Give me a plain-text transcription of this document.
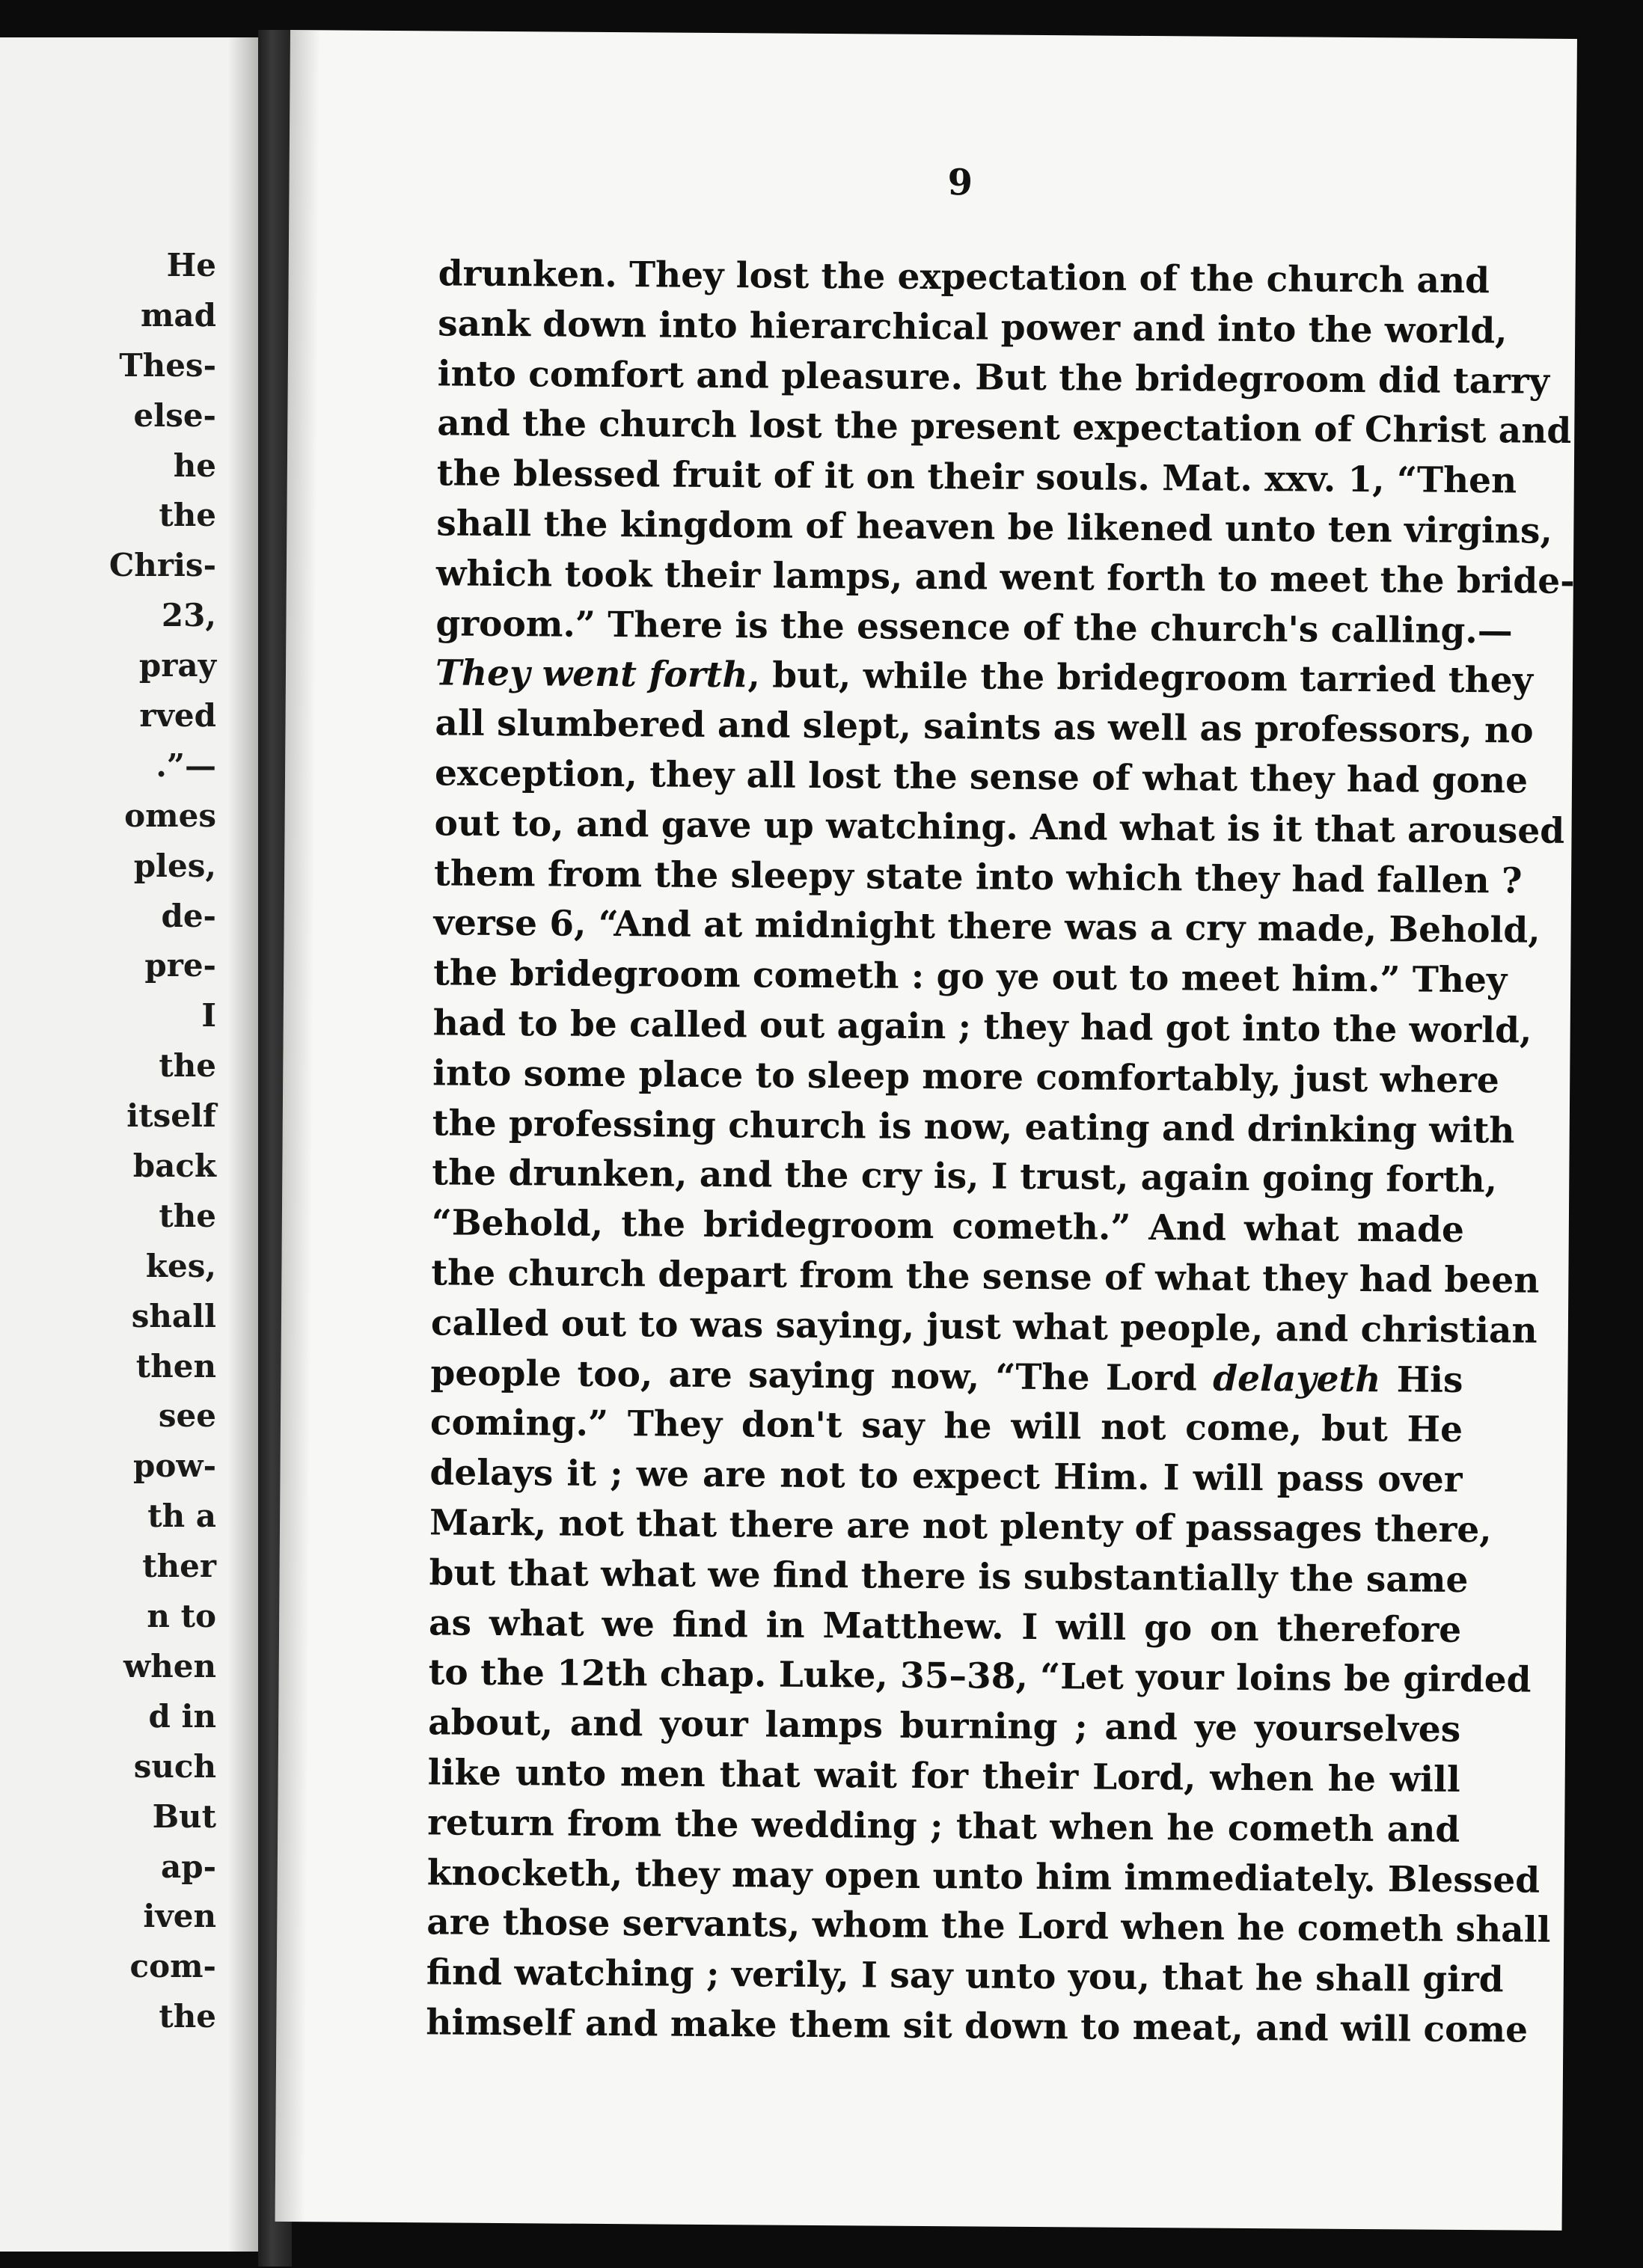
He
mad
Thes-
else-
he
the
Chris-
23,
pray
rved
.”—
omes
ples,
de-
pre-
I
the
itself
back
the
kes,
shall
then
see
pow-
th a
ther
n to
when
d in
such
But
ap-
iven
com-
the
9
drunken. They lost the expectation of the church and
sank down into hierarchical power and into the world,
into comfort and pleasure. But the bridegroom did tarry
and the church lost the present expectation of Christ and
the blessed fruit of it on their souls. Mat. xxv. 1, “Then
shall the kingdom of heaven be likened unto ten virgins,
which took their lamps, and went forth to meet the bride-
groom.” There is the essence of the church's calling.—
They went forth, but, while the bridegroom tarried they
all slumbered and slept, saints as well as professors, no
exception, they all lost the sense of what they had gone
out to, and gave up watching. And what is it that aroused
them from the sleepy state into which they had fallen ?
verse 6, “And at midnight there was a cry made, Behold,
the bridegroom cometh : go ye out to meet him.” They
had to be called out again ; they had got into the world,
into some place to sleep more comfortably, just where
the professing church is now, eating and drinking with
the drunken, and the cry is, I trust, again going forth,
“Behold, the bridegroom cometh.” And what made
the church depart from the sense of what they had been
called out to was saying, just what people, and christian
people too, are saying now, “The Lord delayeth His
coming.” They don't say he will not come, but He
delays it ; we are not to expect Him. I will pass over
Mark, not that there are not plenty of passages there,
but that what we find there is substantially the same
as what we find in Matthew. I will go on therefore
to the 12th chap. Luke, 35–38, “Let your loins be girded
about, and your lamps burning ; and ye yourselves
like unto men that wait for their Lord, when he will
return from the wedding ; that when he cometh and
knocketh, they may open unto him immediately. Blessed
are those servants, whom the Lord when he cometh shall
find watching ; verily, I say unto you, that he shall gird
himself and make them sit down to meat, and will come
